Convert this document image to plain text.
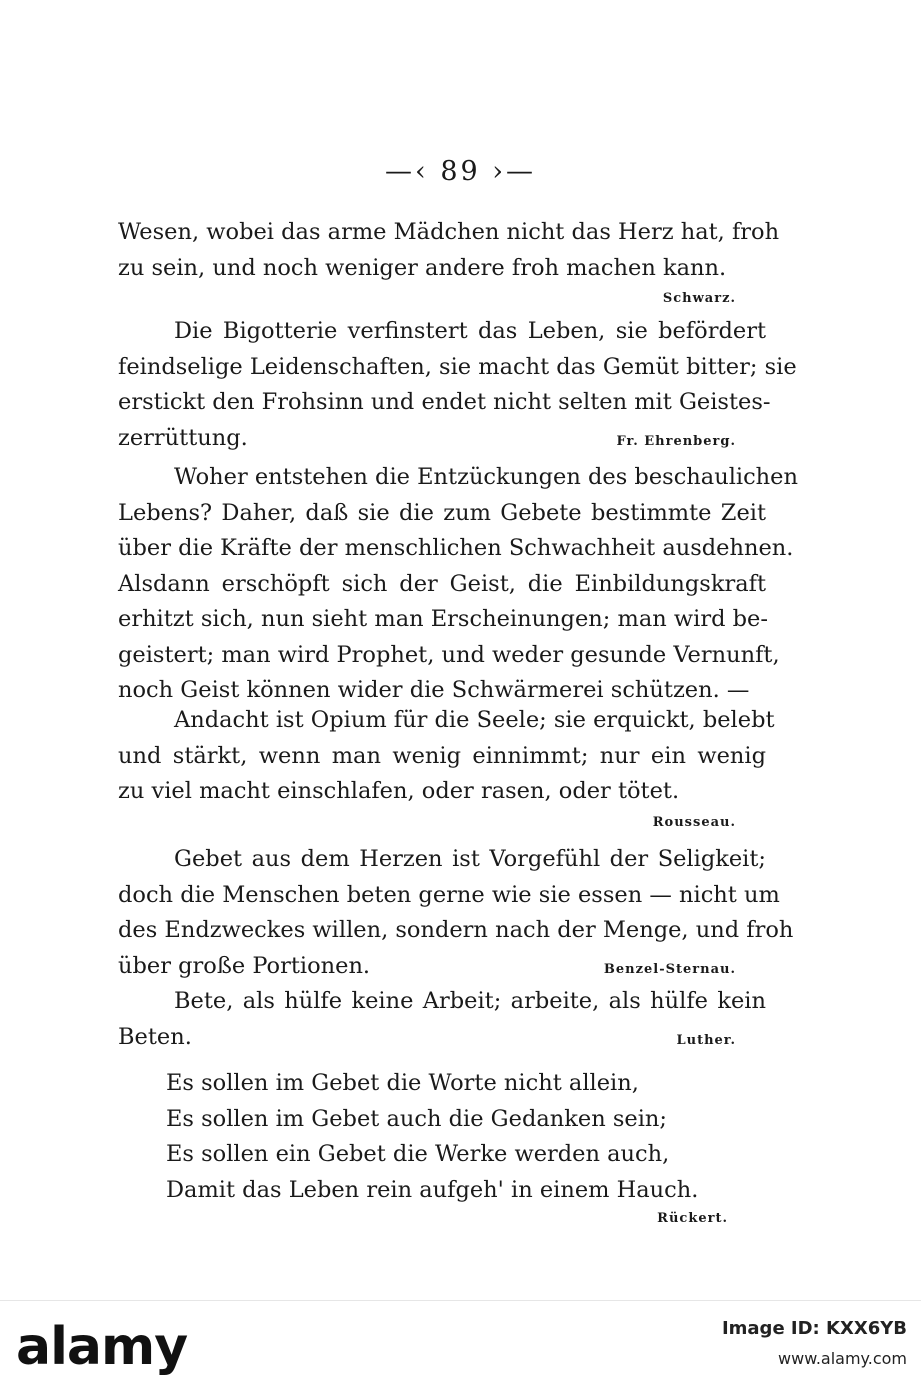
—‹ 89 ›—
Wesen, wobei das arme Mädchen nicht das Herz hat, froh
zu sein, und noch weniger andere froh machen kann.
Schwarz.
Die Bigotterie verfinstert das Leben, sie befördert
feindselige Leidenschaften, sie macht das Gemüt bitter; sie
erstickt den Frohsinn und endet nicht selten mit Geistes-
zerrüttung.	Fr. Ehrenberg.
Woher entstehen die Entzückungen des beschaulichen
Lebens? Daher, daß sie die zum Gebete bestimmte Zeit
über die Kräfte der menschlichen Schwachheit ausdehnen.
Alsdann erschöpft sich der Geist, die Einbildungskraft
erhitzt sich, nun sieht man Erscheinungen; man wird be-
geistert; man wird Prophet, und weder gesunde Vernunft,
noch Geist können wider die Schwärmerei schützen. —
Andacht ist Opium für die Seele; sie erquickt, belebt
und stärkt, wenn man wenig einnimmt; nur ein wenig
zu viel macht einschlafen, oder rasen, oder tötet.
Rousseau.
Gebet aus dem Herzen ist Vorgefühl der Seligkeit;
doch die Menschen beten gerne wie sie essen — nicht um
des Endzweckes willen, sondern nach der Menge, und froh
über große Portionen.	Benzel-Sternau.
Bete, als hülfe keine Arbeit; arbeite, als hülfe kein
Beten.	Luther.
Es sollen im Gebet die Worte nicht allein,
Es sollen im Gebet auch die Gedanken sein;
Es sollen ein Gebet die Werke werden auch,
Damit das Leben rein aufgeh' in einem Hauch.
Rückert.
alamy	Image ID: KXX6YB
www.alamy.com
